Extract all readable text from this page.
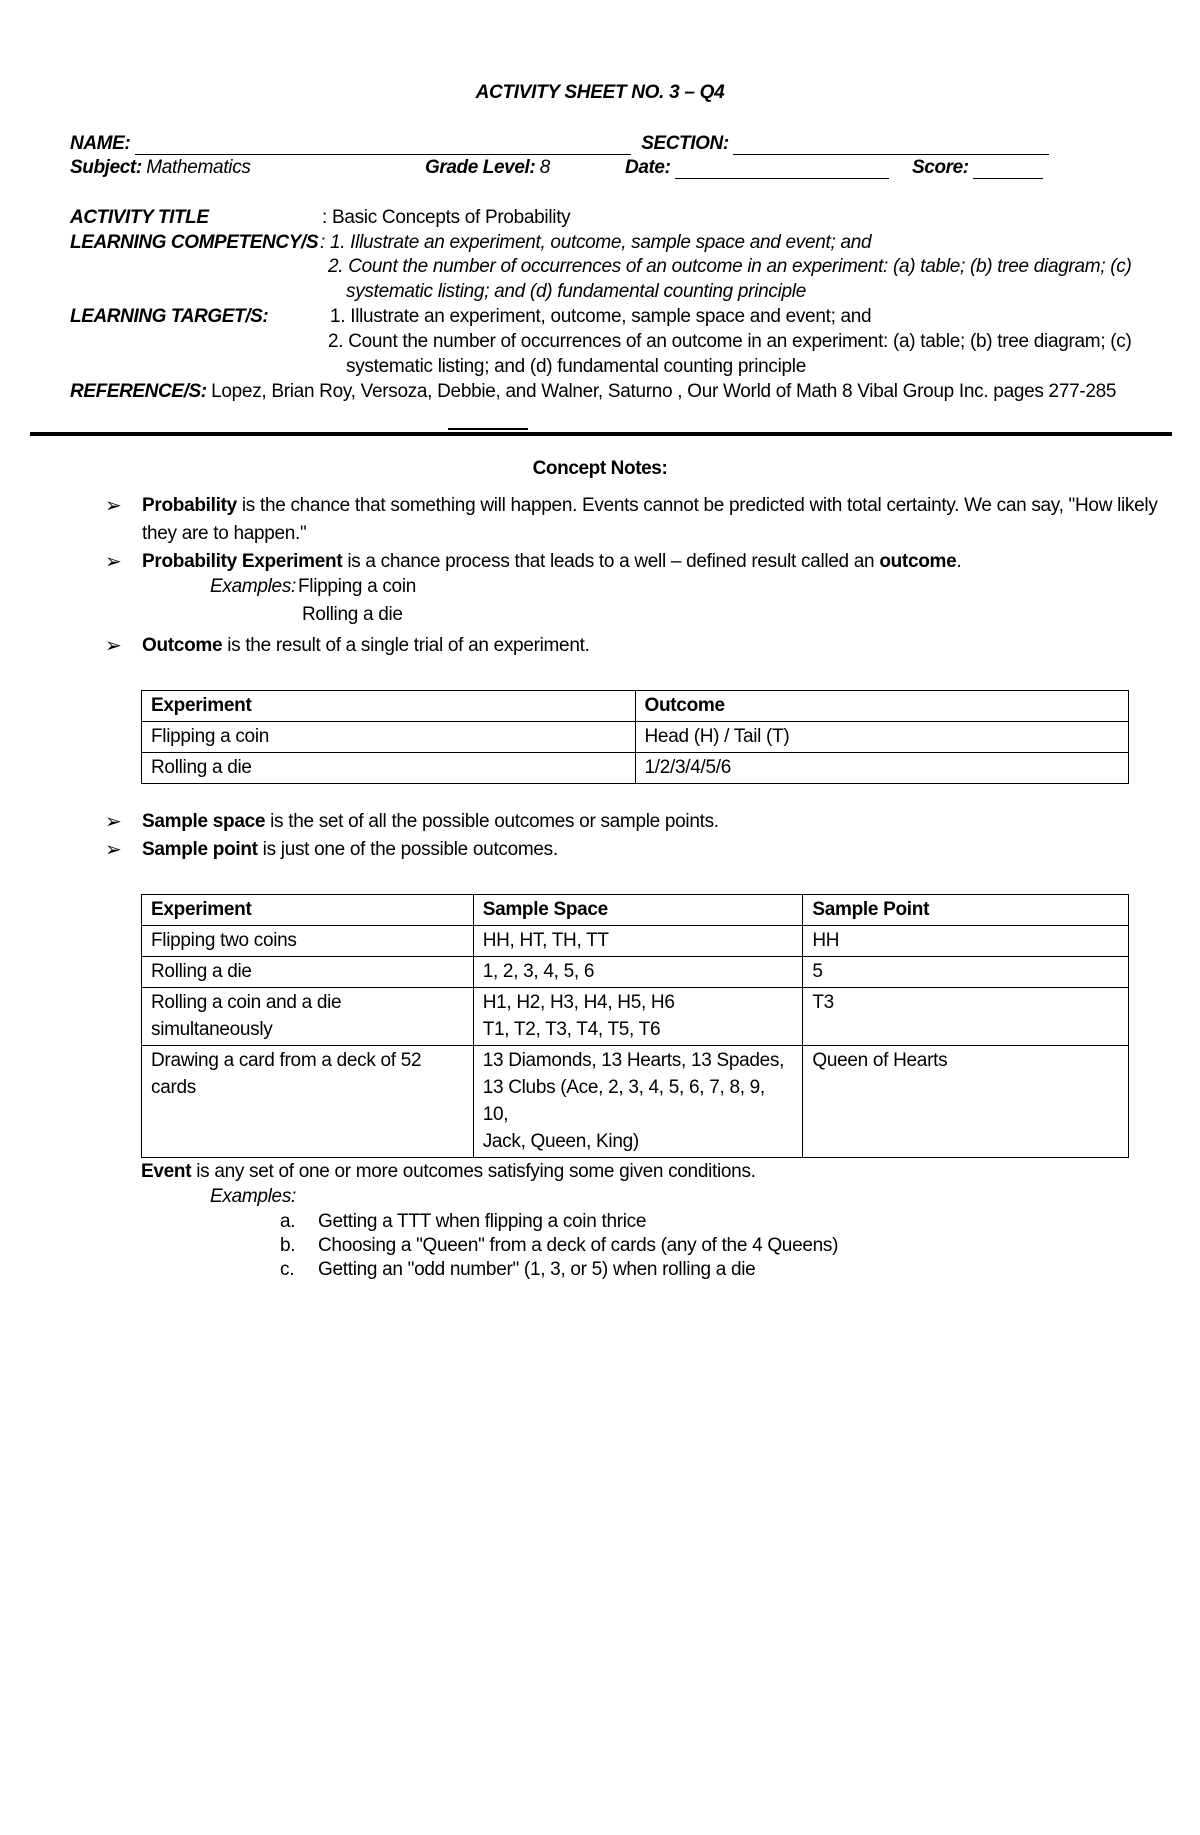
ACTIVITY SHEET NO. 3 – Q4
NAME:	SECTION:
Subject: Mathematics	Grade Level: 8	Date:	Score:
ACTIVITY TITLE	: Basic Concepts of Probability
LEARNING COMPETENCY/S : 1. Illustrate an experiment, outcome, sample space and event; and
2. Count the number of occurrences of an outcome in an experiment: (a) table; (b) tree diagram; (c)
systematic listing; and (d) fundamental counting principle
LEARNING TARGET/S:	1. Illustrate an experiment, outcome, sample space and event; and
2. Count the number of occurrences of an outcome in an experiment: (a) table; (b) tree diagram; (c)
systematic listing; and (d) fundamental counting principle
REFERENCE/S: Lopez, Brian Roy, Versoza, Debbie, and Walner, Saturno , Our World of Math 8 Vibal Group Inc. pages 277-285
Concept Notes:
➢ Probability is the chance that something will happen. Events cannot be predicted with total certainty. We can say, "How likely
they are to happen."
➢ Probability Experiment is a chance process that leads to a well – defined result called an outcome.
Examples: Flipping a coin
Rolling a die
➢ Outcome is the result of a single trial of an experiment.
Experiment	Outcome
Flipping a coin	Head (H) / Tail (T)
Rolling a die	1/2/3/4/5/6
➢ Sample space is the set of all the possible outcomes or sample points.
➢ Sample point is just one of the possible outcomes.
Experiment	Sample Space	Sample Point
Flipping two coins	HH, HT, TH, TT	HH
Rolling a die	1, 2, 3, 4, 5, 6	5
Rolling a coin and a die simultaneously	H1, H2, H3, H4, H5, H6
T1, T2, T3, T4, T5, T6	T3
Drawing a card from a deck of 52 cards	13 Diamonds, 13 Hearts, 13 Spades,
13 Clubs (Ace, 2, 3, 4, 5, 6, 7, 8, 9, 10,
Jack, Queen, King)	Queen of Hearts
Event is any set of one or more outcomes satisfying some given conditions.
Examples:
a. Getting a TTT when flipping a coin thrice
b. Choosing a "Queen" from a deck of cards (any of the 4 Queens)
c. Getting an "odd number" (1, 3, or 5) when rolling a die
